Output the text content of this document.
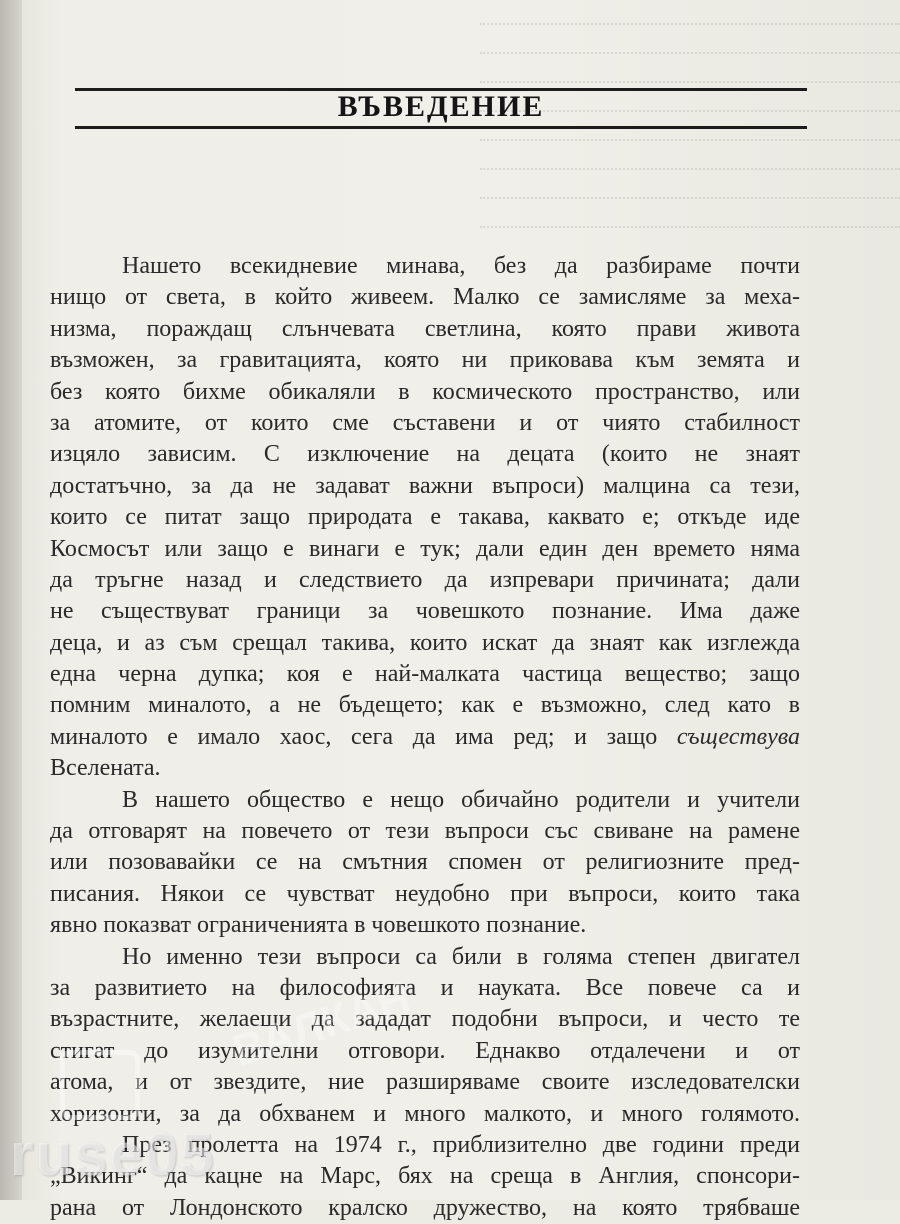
ВЪВЕДЕНИЕ
Нашето всекидневие минава, без да разбираме почти
нищо от света, в който живеем. Малко се замисляме за меха-
низма, пораждащ слънчевата светлина, която прави живота
възможен, за гравитацията, която ни приковава към земята и
без която бихме обикаляли в космическото пространство, или
за атомите, от които сме съставени и от чиято стабилност
изцяло зависим. С изключение на децата (които не знаят
достатъчно, за да не задават важни въпроси) малцина са тези,
които се питат защо природата е такава, каквато е; откъде иде
Космосът или защо е винаги е тук; дали един ден времето няма
да тръгне назад и следствието да изпревари причината; дали
не съществуват граници за човешкото познание. Има даже
деца, и аз съм срещал такива, които искат да знаят как изглежда
една черна дупка; коя е най-малката частица вещество; защо
помним миналото, а не бъдещето; как е възможно, след като в
миналото е имало хаос, сега да има ред; и защо съществува
Вселената.
В нашето общество е нещо обичайно родители и учители
да отговарят на повечето от тези въпроси със свиване на рамене
или позовавайки се на смътния спомен от религиозните пред-
писания. Някои се чувстват неудобно при въпроси, които така
явно показват ограниченията в човешкото познание.
Но именно тези въпроси са били в голяма степен двигател
за развитието на философията и науката. Все повече са и
възрастните, желаещи да зададат подобни въпроси, и често те
стигат до изумителни отговори. Еднакво отдалечени и от
атома, и от звездите, ние разширяваме своите изследователски
хоризонти, за да обхванем и много малкото, и много голямото.
През пролетта на 1974 г., приблизително две години преди
„Викинг“ да кацне на Марс, бях на среща в Англия, спонсори-
рана от Лондонското кралско дружество, на която трябваше
ВАЛКАН
ruse05
